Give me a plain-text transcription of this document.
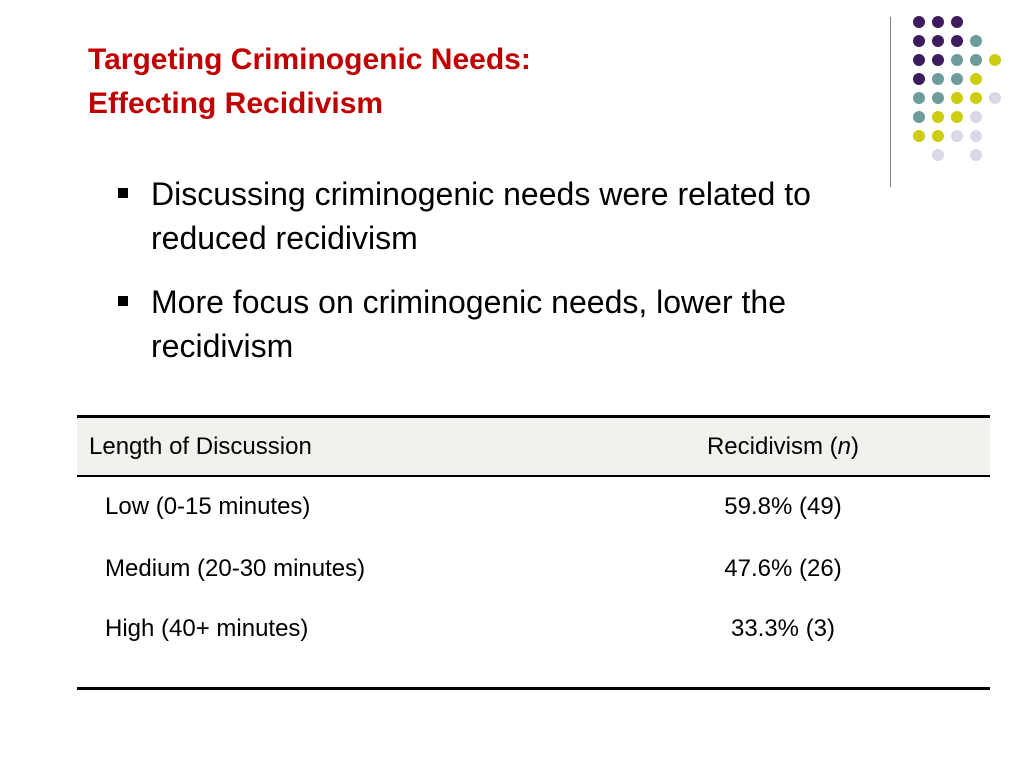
Targeting Criminogenic Needs:
Effecting Recidivism
Discussing criminogenic needs were related to reduced recidivism
More focus on criminogenic needs, lower the recidivism
Length of Discussion	Recidivism (n)
Low (0-15 minutes)	59.8% (49)
Medium (20-30 minutes)	47.6% (26)
High (40+ minutes)	33.3% (3)
